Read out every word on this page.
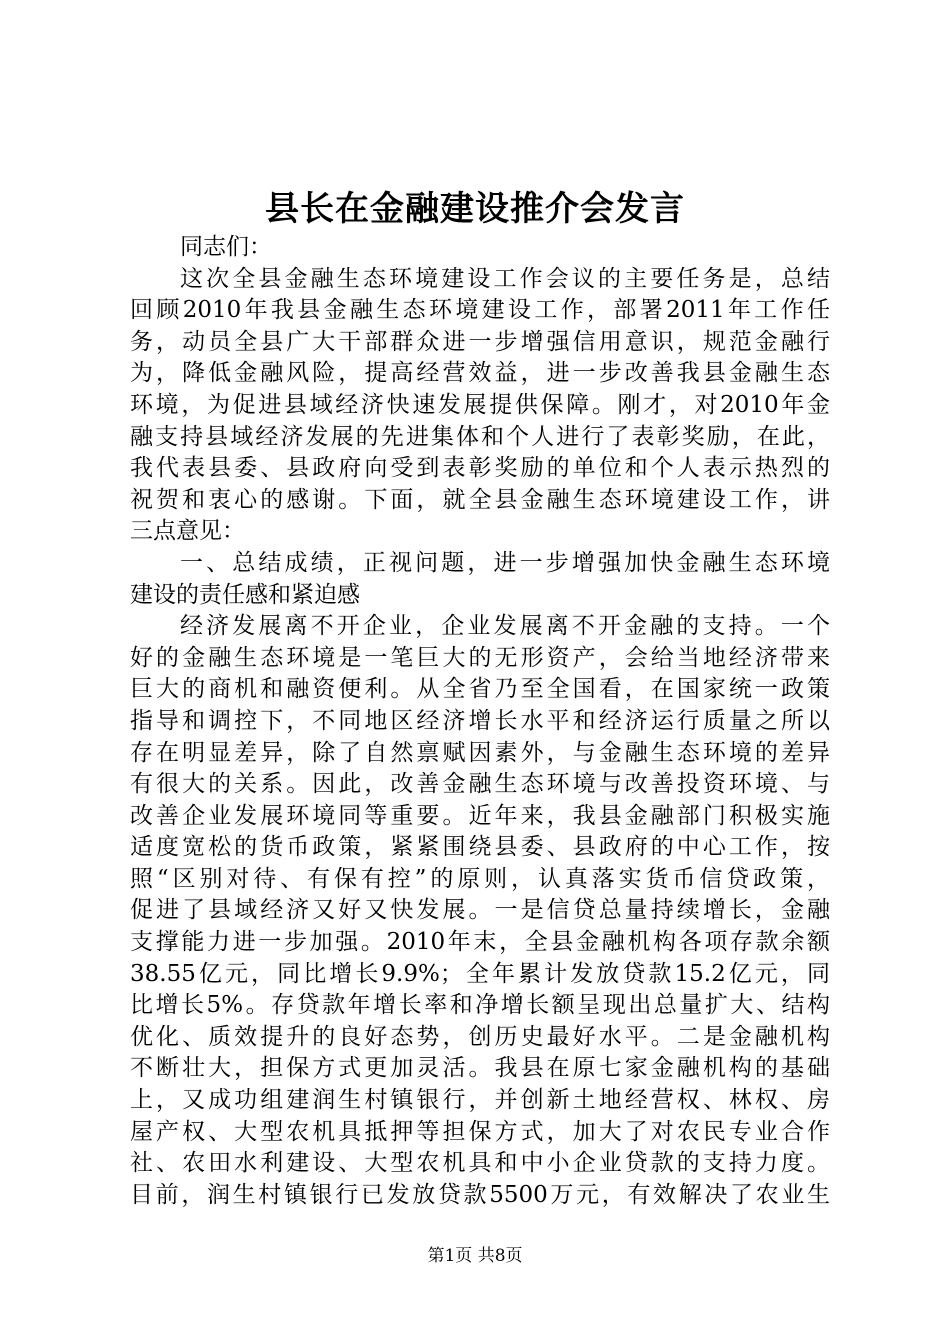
县长在金融建设推介会发言
同志们：
这次全县金融生态环境建设工作会议的主要任务是，总结
回顾2010年我县金融生态环境建设工作，部署2011年工作任
务，动员全县广大干部群众进一步增强信用意识，规范金融行
为，降低金融风险，提高经营效益，进一步改善我县金融生态
环境，为促进县域经济快速发展提供保障。刚才，对2010年金
融支持县域经济发展的先进集体和个人进行了表彰奖励，在此，
我代表县委、县政府向受到表彰奖励的单位和个人表示热烈的
祝贺和衷心的感谢。下面，就全县金融生态环境建设工作，讲
三点意见：
一、总结成绩，正视问题，进一步增强加快金融生态环境
建设的责任感和紧迫感
经济发展离不开企业，企业发展离不开金融的支持。一个
好的金融生态环境是一笔巨大的无形资产，会给当地经济带来
巨大的商机和融资便利。从全省乃至全国看，在国家统一政策
指导和调控下，不同地区经济增长水平和经济运行质量之所以
存在明显差异，除了自然禀赋因素外，与金融生态环境的差异
有很大的关系。因此，改善金融生态环境与改善投资环境、与
改善企业发展环境同等重要。近年来，我县金融部门积极实施
适度宽松的货币政策，紧紧围绕县委、县政府的中心工作，按
照“区别对待、有保有控”的原则，认真落实货币信贷政策，
促进了县域经济又好又快发展。一是信贷总量持续增长，金融
支撑能力进一步加强。2010年末，全县金融机构各项存款余额
38.55亿元，同比增长9.9%；全年累计发放贷款15.2亿元，同
比增长5%。存贷款年增长率和净增长额呈现出总量扩大、结构
优化、质效提升的良好态势，创历史最好水平。二是金融机构
不断壮大，担保方式更加灵活。我县在原七家金融机构的基础
上，又成功组建润生村镇银行，并创新土地经营权、林权、房
屋产权、大型农机具抵押等担保方式，加大了对农民专业合作
社、农田水利建设、大型农机具和中小企业贷款的支持力度。
目前，润生村镇银行已发放贷款5500万元，有效解决了农业生
第1页 共8页
